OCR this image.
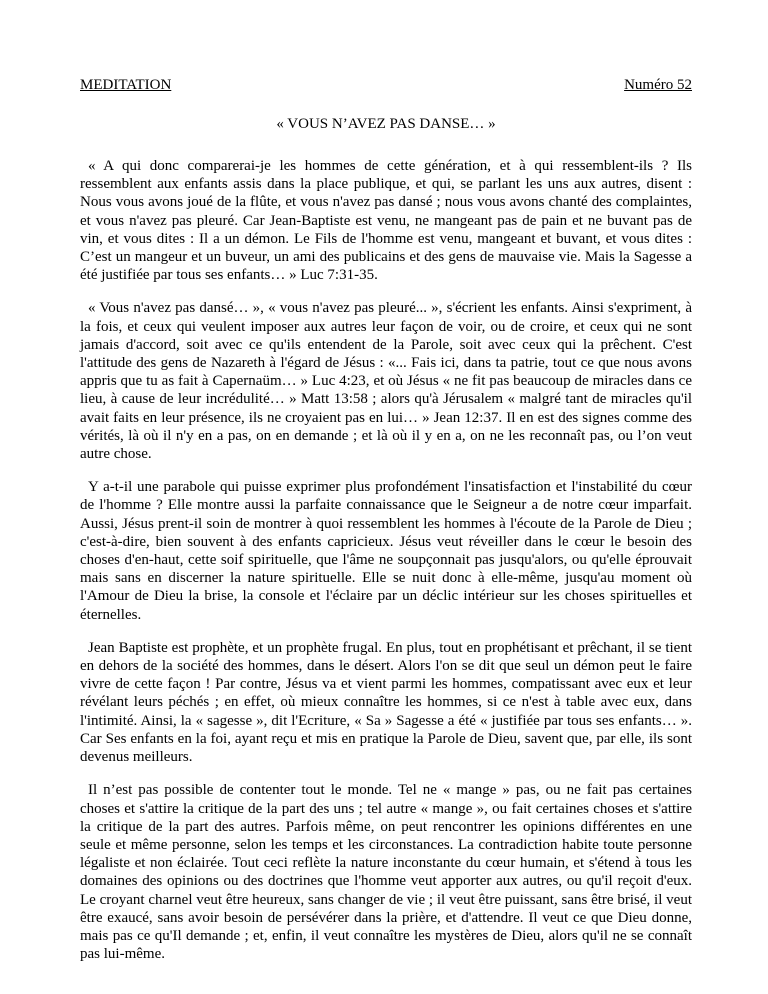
MEDITATION	Numéro 52
« VOUS N’AVEZ PAS DANSE… »

« A qui donc comparerai-je les hommes de cette génération, et à qui ressemblent-ils ? Ils ressemblent aux enfants assis dans la place publique, et qui, se parlant les uns aux autres, disent : Nous vous avons joué de la flûte, et vous n'avez pas dansé ; nous vous avons chanté des complaintes, et vous n'avez pas pleuré. Car Jean-Baptiste est venu, ne mangeant pas de pain et ne buvant pas de vin, et vous dites : Il a un démon. Le Fils de l'homme est venu, mangeant et buvant, et vous dites : C’est un mangeur et un buveur, un ami des publicains et des gens de mauvaise vie. Mais la Sagesse a été justifiée par tous ses enfants… » Luc 7:31-35.

« Vous n'avez pas dansé… », « vous n'avez pas pleuré... », s'écrient les enfants. Ainsi s'expriment, à la fois, et ceux qui veulent imposer aux autres leur façon de voir, ou de croire, et ceux qui ne sont jamais d'accord, soit avec ce qu'ils entendent de la Parole, soit avec ceux qui la prêchent. C'est l'attitude des gens de Nazareth à l'égard de Jésus : «... Fais ici, dans ta patrie, tout ce que nous avons appris que tu as fait à Capernaüm… » Luc 4:23, et où Jésus « ne fit pas beaucoup de miracles dans ce lieu, à cause de leur incrédulité… » Matt 13:58 ; alors qu'à Jérusalem « malgré tant de miracles qu'il avait faits en leur présence, ils ne croyaient pas en lui… » Jean 12:37. Il en est des signes comme des vérités, là où il n'y en a pas, on en demande ; et là où il y en a, on ne les reconnaît pas, ou l’on veut autre chose.

Y a-t-il une parabole qui puisse exprimer plus profondément l'insatisfaction et l'instabilité du cœur de l'homme ? Elle montre aussi la parfaite connaissance que le Seigneur a de notre cœur imparfait. Aussi, Jésus prent-il soin de montrer à quoi ressemblent les hommes à l'écoute de la Parole de Dieu ; c'est-à-dire, bien souvent à des enfants capricieux. Jésus veut réveiller dans le cœur le besoin des choses d'en-haut, cette soif spirituelle, que l'âme ne soupçonnait pas jusqu'alors, ou qu'elle éprouvait mais sans en discerner la nature spirituelle. Elle se nuit donc à elle-même, jusqu'au moment où l'Amour de Dieu la brise, la console et l'éclaire par un déclic intérieur sur les choses spirituelles et éternelles.

Jean Baptiste est prophète, et un prophète frugal. En plus, tout en prophétisant et prêchant, il se tient en dehors de la société des hommes, dans le désert. Alors l'on se dit que seul un démon peut le faire vivre de cette façon ! Par contre, Jésus va et vient parmi les hommes, compatissant avec eux et leur révélant leurs péchés ; en effet, où mieux connaître les hommes, si ce n'est à table avec eux, dans l'intimité. Ainsi, la « sagesse », dit l'Ecriture, « Sa » Sagesse a été « justifiée par tous ses enfants… ». Car Ses enfants en la foi, ayant reçu et mis en pratique la Parole de Dieu, savent que, par elle, ils sont devenus meilleurs.

Il n’est pas possible de contenter tout le monde. Tel ne « mange » pas, ou ne fait pas certaines choses et s'attire la critique de la part des uns ; tel autre « mange », ou fait certaines choses et s'attire la critique de la part des autres. Parfois même, on peut rencontrer les opinions différentes en une seule et même personne, selon les temps et les circonstances. La contradiction habite toute personne légaliste et non éclairée. Tout ceci reflète la nature inconstante du cœur humain, et s'étend à tous les domaines des opinions ou des doctrines que l'homme veut apporter aux autres, ou qu'il reçoit d'eux. Le croyant charnel veut être heureux, sans changer de vie ; il veut être puissant, sans être brisé, il veut être exaucé, sans avoir besoin de persévérer dans la prière, et d'attendre. Il veut ce que Dieu donne, mais pas ce qu'Il demande ; et, enfin, il veut connaître les mystères de Dieu, alors qu'il ne se connaît pas lui-même.
